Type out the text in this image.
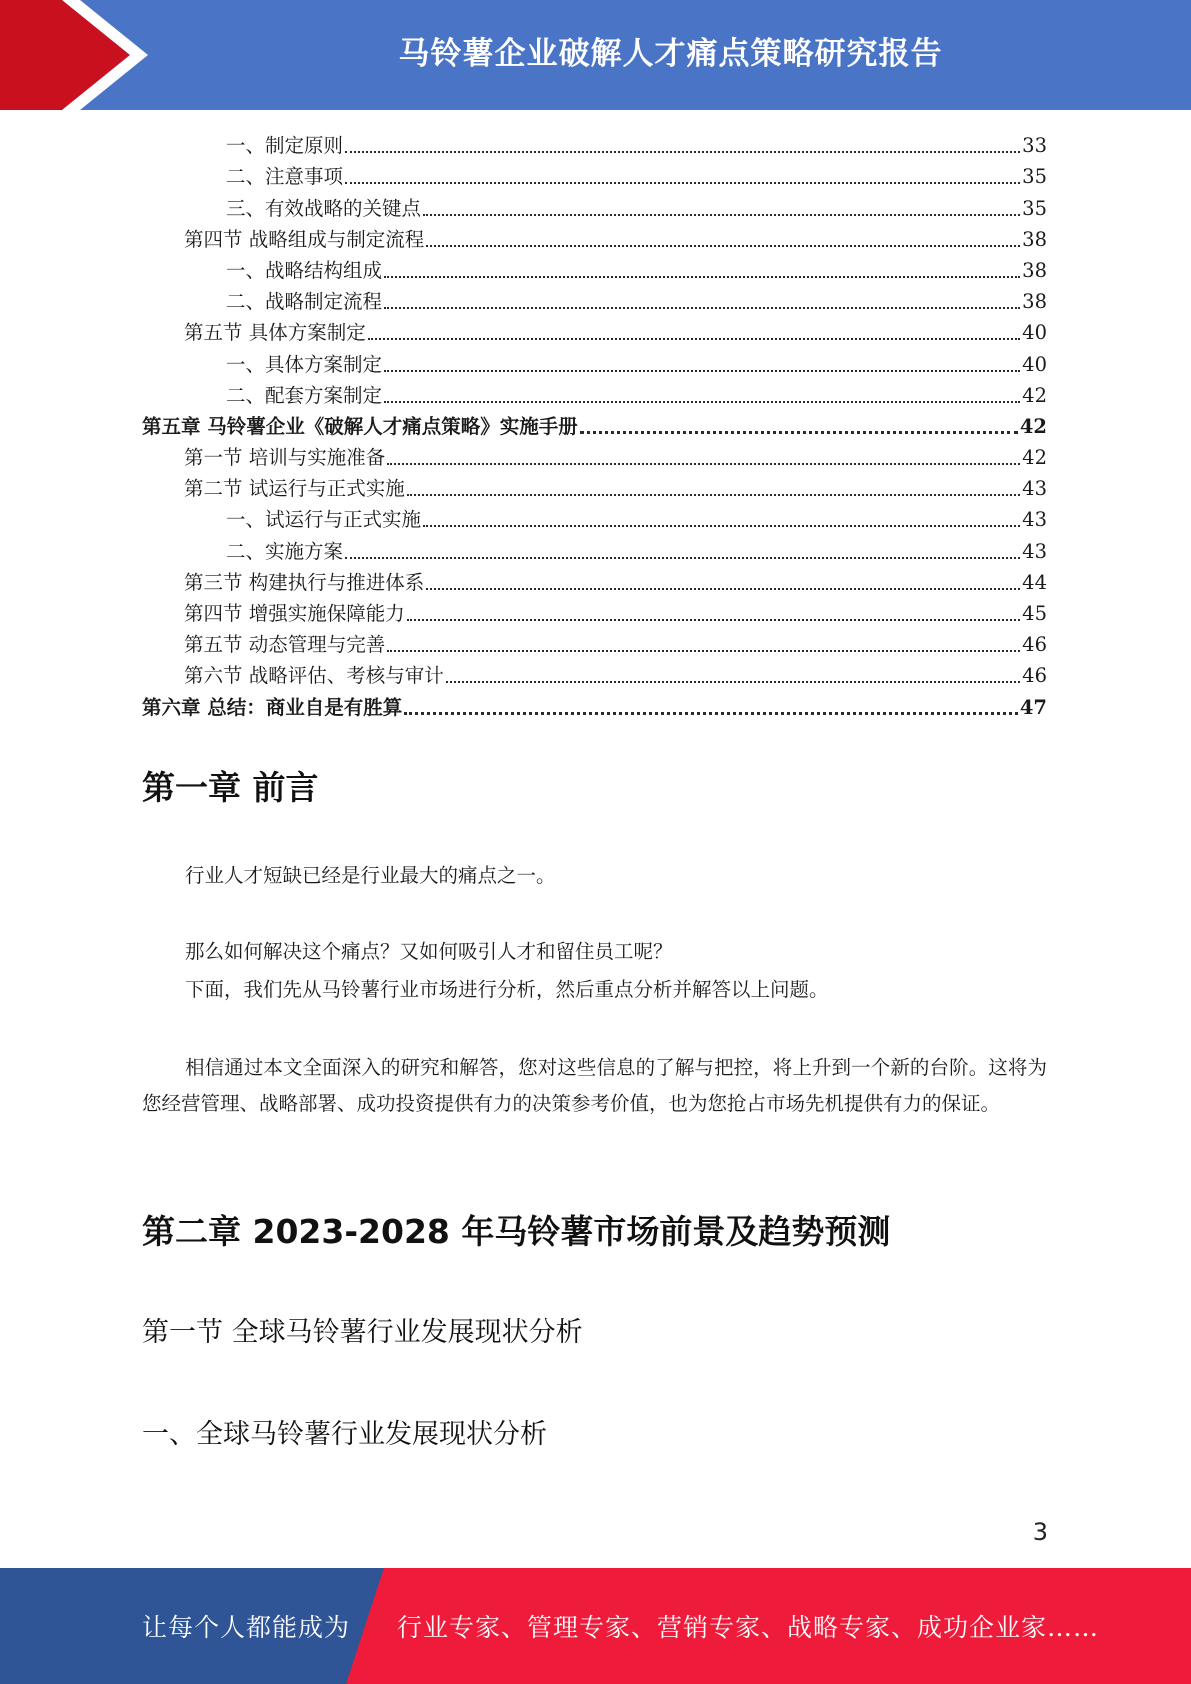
马铃薯企业破解人才痛点策略研究报告
一、制定原则	33
二、注意事项	35
三、有效战略的关键点	35
第四节 战略组成与制定流程	38
一、战略结构组成	38
二、战略制定流程	38
第五节 具体方案制定	40
一、具体方案制定	40
二、配套方案制定	42
第五章 马铃薯企业《破解人才痛点策略》实施手册	42
第一节 培训与实施准备	42
第二节 试运行与正式实施	43
一、试运行与正式实施	43
二、实施方案	43
第三节 构建执行与推进体系	44
第四节 增强实施保障能力	45
第五节 动态管理与完善	46
第六节 战略评估、考核与审计	46
第六章 总结：商业自是有胜算	47
第一章 前言

行业人才短缺已经是行业最大的痛点之一。

那么如何解决这个痛点？又如何吸引人才和留住员工呢？

下面，我们先从马铃薯行业市场进行分析，然后重点分析并解答以上问题。

相信通过本文全面深入的研究和解答，您对这些信息的了解与把控，将上升到一个新的台阶。这将为您经营管理、战略部署、成功投资提供有力的决策参考价值，也为您抢占市场先机提供有力的保证。

第二章 2023-2028 年马铃薯市场前景及趋势预测
第一节 全球马铃薯行业发展现状分析
一、全球马铃薯行业发展现状分析
3
让每个人都能成为 行业专家、管理专家、营销专家、战略专家、成功企业家……
